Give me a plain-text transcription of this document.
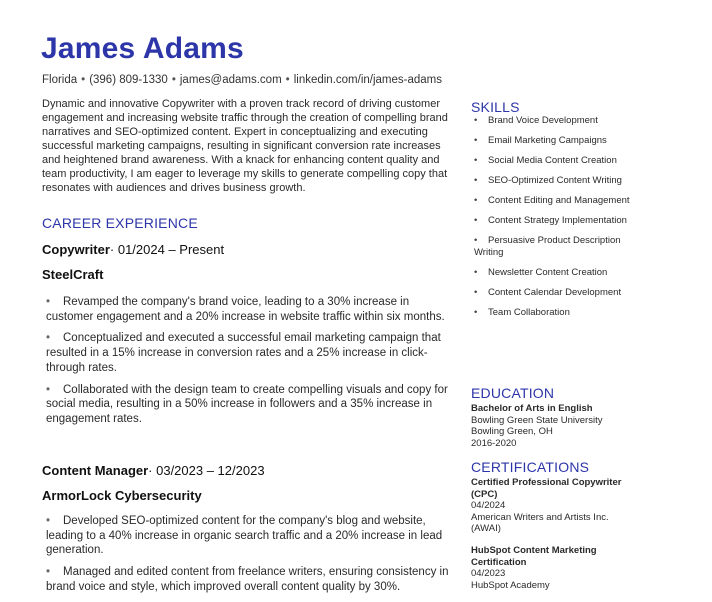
James Adams
Florida • (396) 809-1330 • james@adams.com • linkedin.com/in/james-adams

Dynamic and innovative Copywriter with a proven track record of driving customer engagement and increasing website traffic through the creation of compelling brand narratives and SEO-optimized content. Expert in conceptualizing and executing successful marketing campaigns, resulting in significant conversion rate increases and heightened brand awareness. With a knack for enhancing content quality and team productivity, I am eager to leverage my skills to generate compelling copy that resonates with audiences and drives business growth.

CAREER EXPERIENCE
Copywriter· 01/2024 – Present
SteelCraft
• Revamped the company's brand voice, leading to a 30% increase in customer engagement and a 20% increase in website traffic within six months.
• Conceptualized and executed a successful email marketing campaign that resulted in a 15% increase in conversion rates and a 25% increase in click-through rates.
• Collaborated with the design team to create compelling visuals and copy for social media, resulting in a 50% increase in followers and a 35% increase in engagement rates.
Content Manager· 03/2023 – 12/2023
ArmorLock Cybersecurity
• Developed SEO-optimized content for the company's blog and website, leading to a 40% increase in organic search traffic and a 20% increase in lead generation.
• Managed and edited content from freelance writers, ensuring consistency in brand voice and style, which improved overall content quality by 30%.
SKILLS
• Brand Voice Development
• Email Marketing Campaigns
• Social Media Content Creation
• SEO-Optimized Content Writing
• Content Editing and Management
• Content Strategy Implementation
• Persuasive Product Description Writing
• Newsletter Content Creation
• Content Calendar Development
• Team Collaboration
EDUCATION
Bachelor of Arts in English
Bowling Green State University
Bowling Green, OH
2016-2020
CERTIFICATIONS
Certified Professional Copywriter (CPC)
04/2024
American Writers and Artists Inc. (AWAI)
HubSpot Content Marketing Certification
04/2023
HubSpot Academy
